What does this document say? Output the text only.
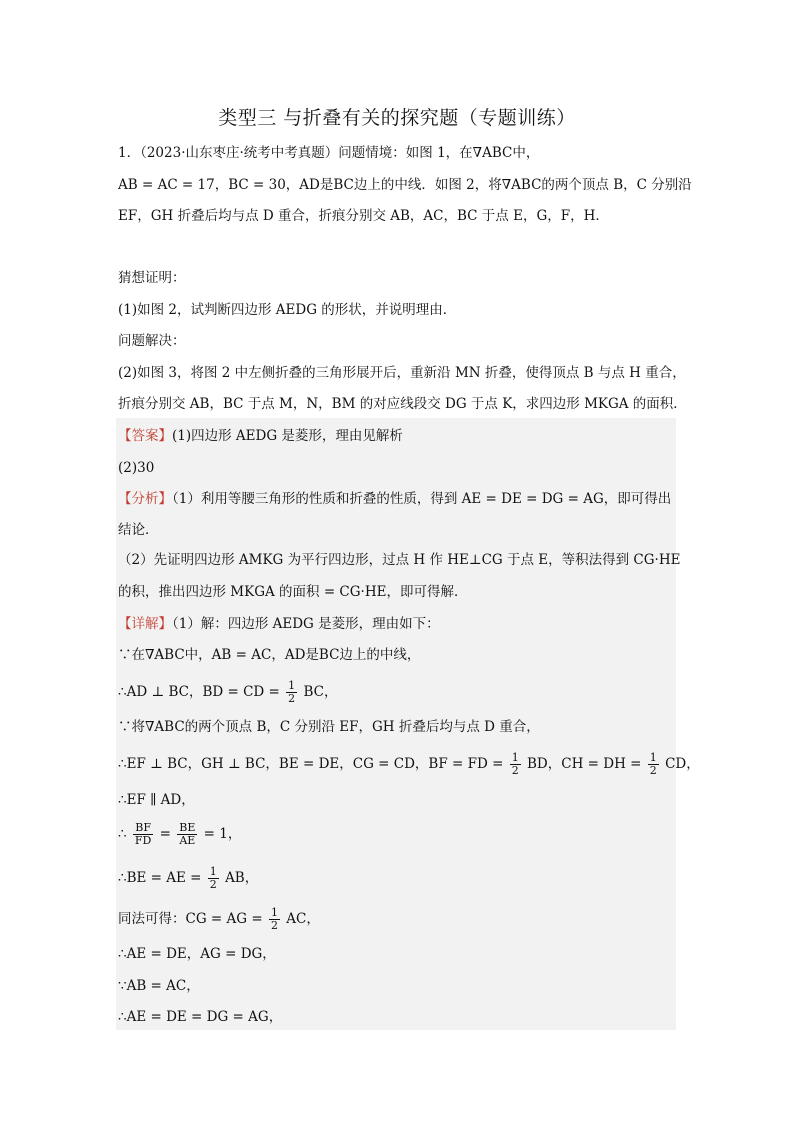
类型三 与折叠有关的探究题（专题训练）
1．（2023·山东枣庄·统考中考真题）问题情境：如图 1，在∇ABC中，
AB = AC = 17，BC = 30，AD是BC边上的中线．如图 2，将∇ABC的两个顶点 B，C 分别沿
EF，GH 折叠后均与点 D 重合，折痕分别交 AB，AC，BC 于点 E，G，F，H．
猜想证明：
(1)如图 2，试判断四边形 AEDG 的形状，并说明理由．
问题解决：
(2)如图 3，将图 2 中左侧折叠的三角形展开后，重新沿 MN 折叠，使得顶点 B 与点 H 重合，
折痕分别交 AB，BC 于点 M，N，BM 的对应线段交 DG 于点 K，求四边形 MKGA 的面积．
【答案】(1)四边形 AEDG 是菱形，理由见解析
(2)30
【分析】（1）利用等腰三角形的性质和折叠的性质，得到 AE = DE = DG = AG，即可得出
结论．
（2）先证明四边形 AMKG 为平行四边形，过点 H 作 HE⊥CG 于点 E，等积法得到 CG·HE
的积，推出四边形 MKGA 的面积 = CG·HE，即可得解．
【详解】（1）解：四边形 AEDG 是菱形，理由如下：
∵在∇ABC中，AB = AC，AD是BC边上的中线，
∴AD ⊥ BC，BD = CD = $\frac{1}{2}$ BC，
∵将∇ABC的两个顶点 B，C 分别沿 EF，GH 折叠后均与点 D 重合，
∴EF ⊥ BC，GH ⊥ BC，BE = DE，CG = CD，BF = FD = $\frac{1}{2}$ BD，CH = DH = $\frac{1}{2}$ CD，
∴EF ∥ AD，
∴ $\frac{BF}{FD} = \frac{BE}{AE} = 1$，
∴BE = AE = $\frac{1}{2}$ AB，
同法可得：CG = AG = $\frac{1}{2}$ AC，
∴AE = DE，AG = DG，
∵AB = AC，
∴AE = DE = DG = AG，
